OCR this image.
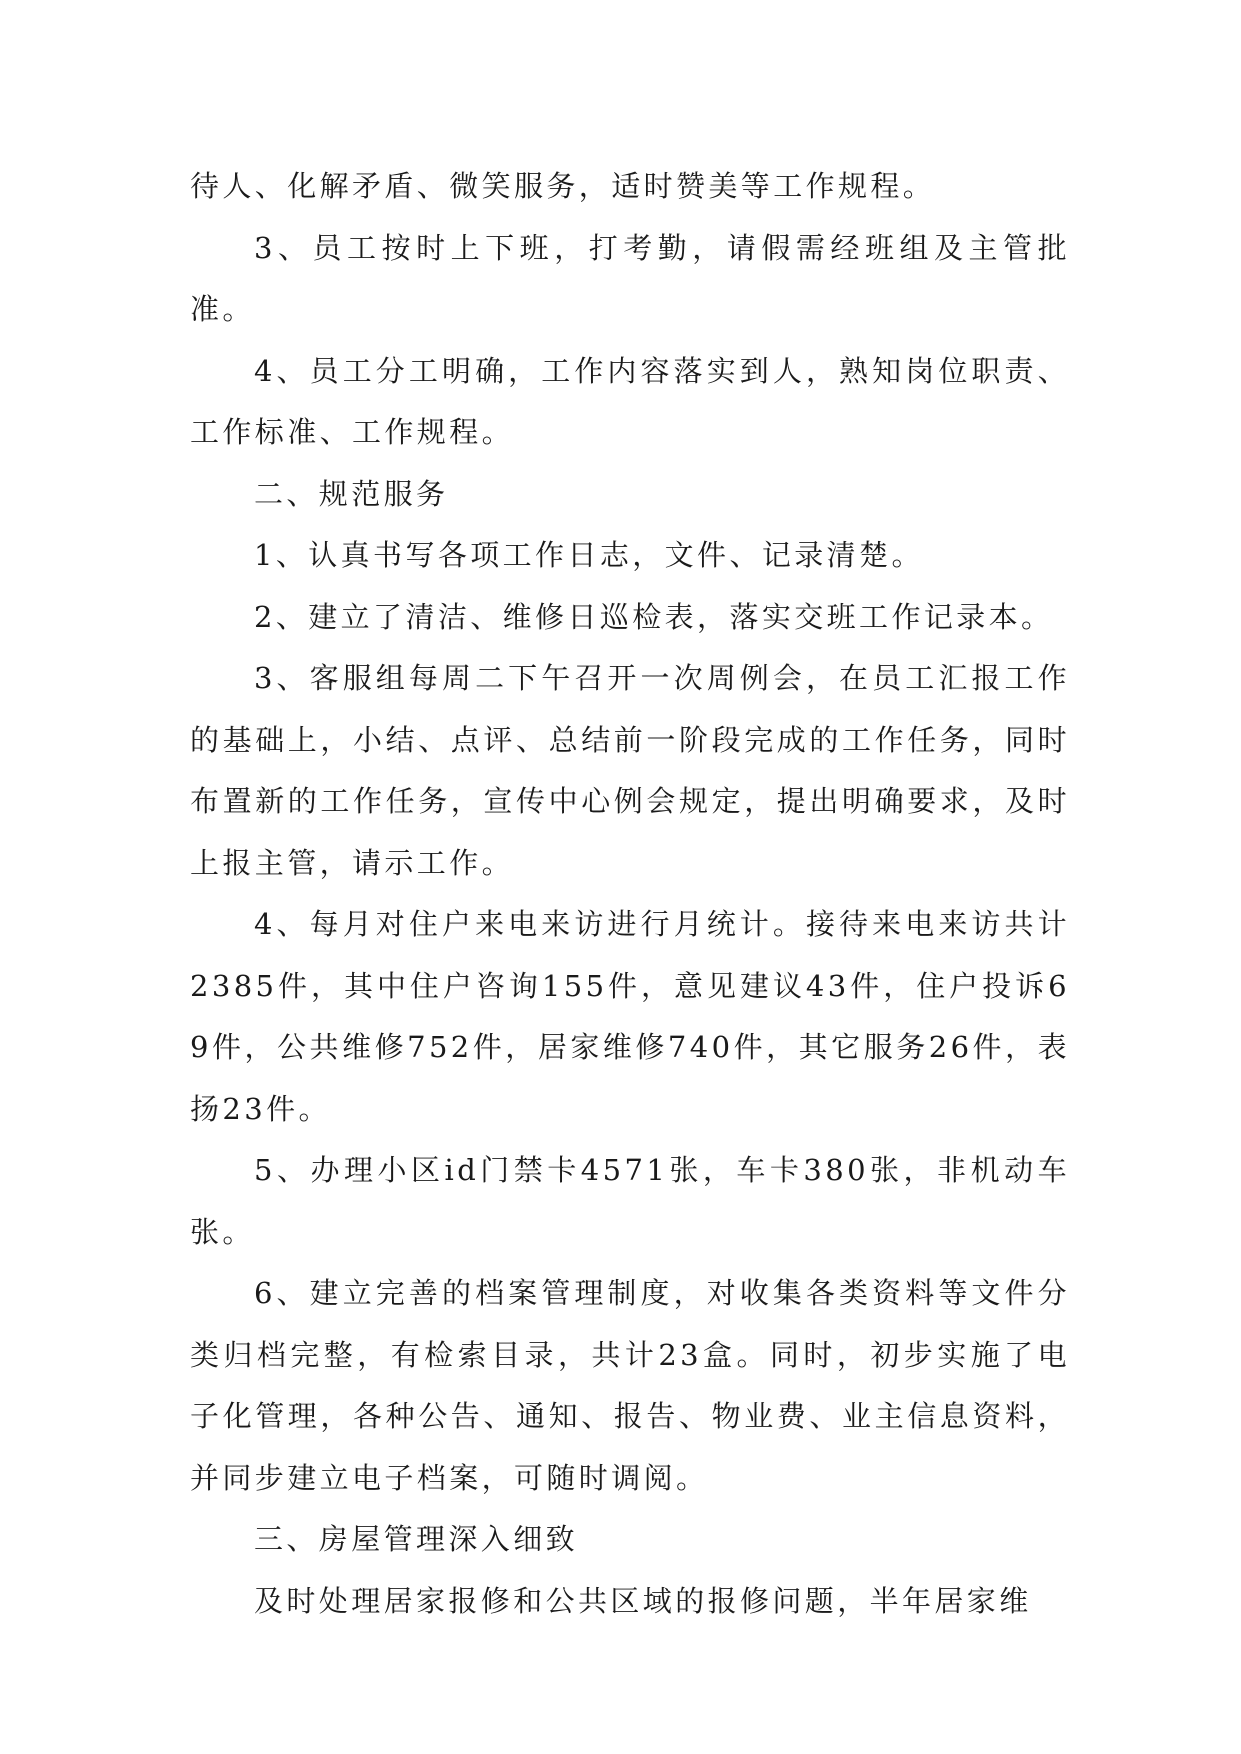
待人、化解矛盾、微笑服务，适时赞美等工作规程。

3、员工按时上下班，打考勤，请假需经班组及主管批准。

4、员工分工明确，工作内容落实到人，熟知岗位职责、工作标准、工作规程。

二、规范服务

1、认真书写各项工作日志，文件、记录清楚。

2、建立了清洁、维修日巡检表，落实交班工作记录本。

3、客服组每周二下午召开一次周例会，在员工汇报工作的基础上，小结、点评、总结前一阶段完成的工作任务，同时布置新的工作任务，宣传中心例会规定，提出明确要求，及时上报主管，请示工作。

4、每月对住户来电来访进行月统计。接待来电来访共计2385件，其中住户咨询155件，意见建议43件，住户投诉69件，公共维修752件，居家维修740件，其它服务26件，表扬23件。

5、办理小区id门禁卡4571张，车卡380张，非机动车张。

6、建立完善的档案管理制度，对收集各类资料等文件分类归档完整，有检索目录，共计23盒。同时，初步实施了电子化管理，各种公告、通知、报告、物业费、业主信息资料，并同步建立电子档案，可随时调阅。

三、房屋管理深入细致

及时处理居家报修和公共区域的报修问题，半年居家维
